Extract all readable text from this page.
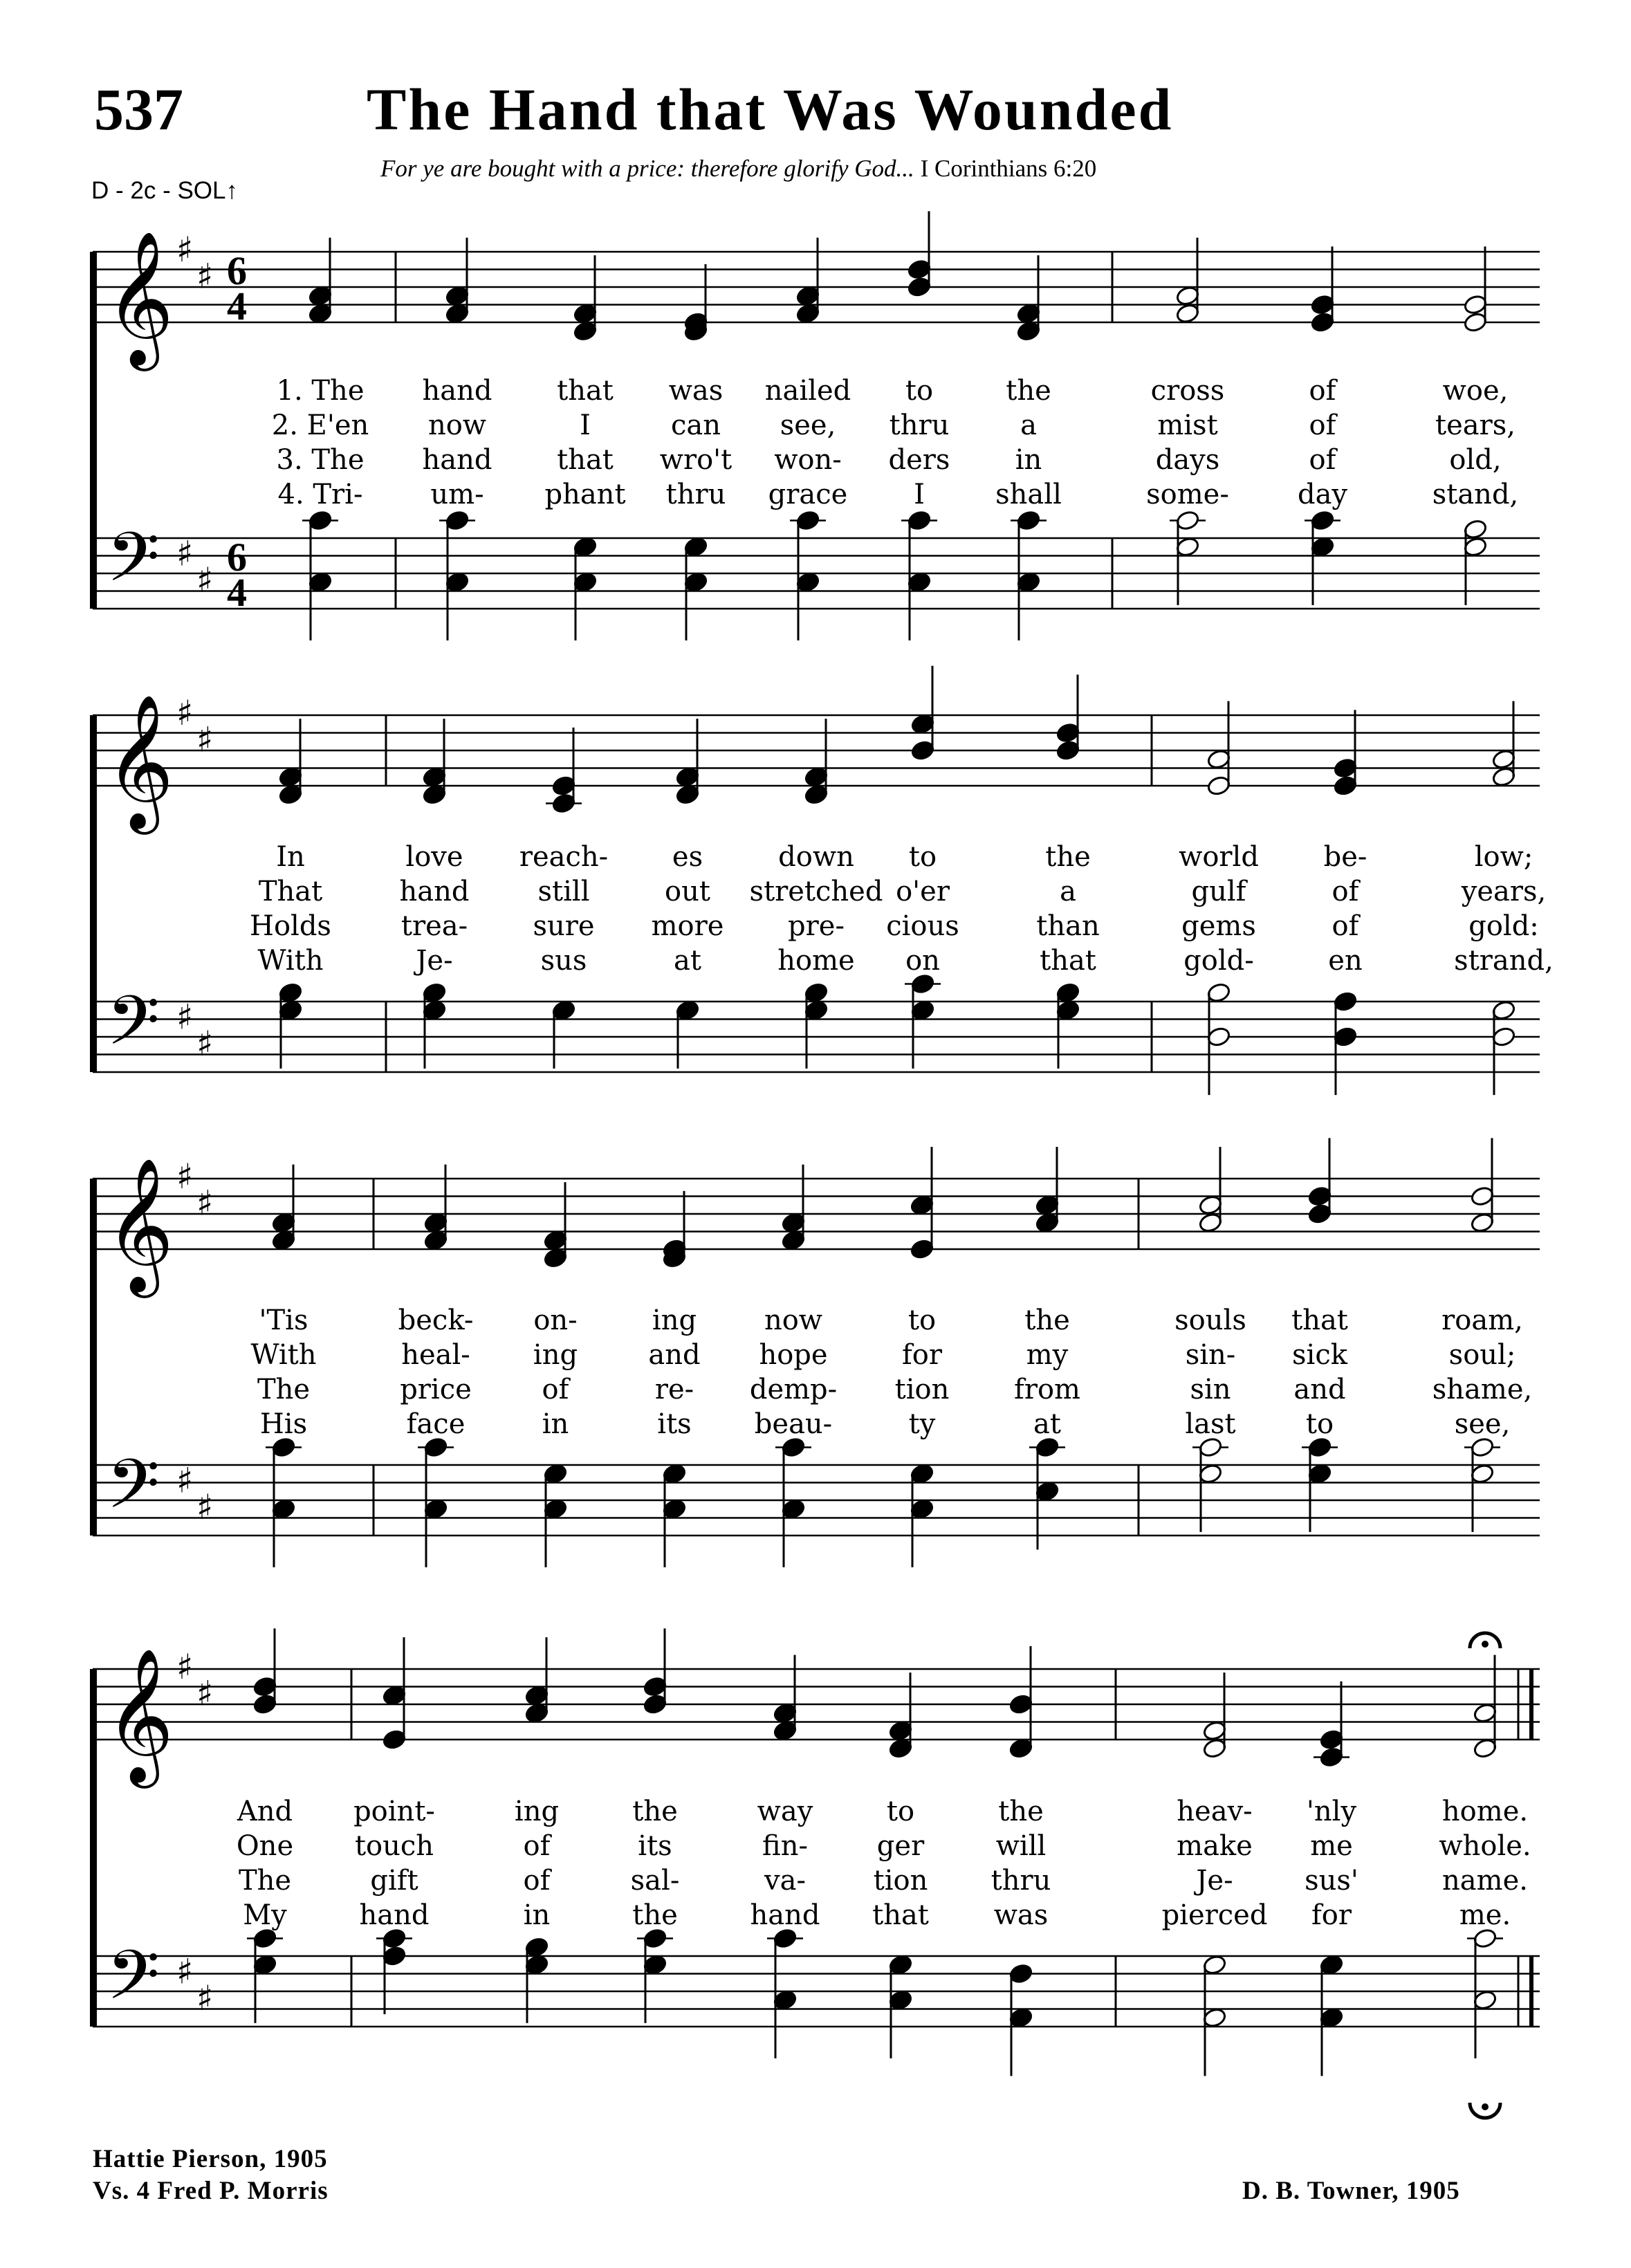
537	The Hand that Was Wounded
For ye are bought with a price: therefore glorify God... I Corinthians 6:20
D - 2c - SOL↑
𝄞
𝄢
♯
♯
♯
♯
6
4
6
4
𝄞
𝄢
♯
♯
♯
♯
𝄞
𝄢
♯
♯
♯
♯
𝄞
𝄢
♯
♯
♯
♯
1. The hand that was nailed to	the	cross	of	woe,
2. E'en now	I	can see, thru	a	mist	of	tears,
3. The hand that wro't won- ders in	days	of	old,
4. Tri- um- phant thru grace I	shall	some- day	stand,
In	love reach- es	down to	the	world be-	low;
That	hand still	out stretched o'er	a	gulf	of	years,
Holds	trea- sure more pre- cious	than	gems	of	gold:
With	Je-	sus	at	home on	that	gold-	en	strand,
'Tis	beck- on-	ing now	to	the	souls that	roam,
With	heal- ing	and hope	for	my	sin- sick	soul;
The	price	of	re- demp- tion from	sin and	shame,
His	face	in	its beau-	ty	at	last	to	see,
And point-	ing	the	way	to	the	heav- 'nly	home.
One touch	of	its	fin- ger	will	make me	whole.
The	gift	of	sal-	va- tion thru	Je-	sus'	name.
My	hand	in	the	hand that was	pierced for	me.
Hattie Pierson, 1905
Vs. 4 Fred P. Morris	D. B. Towner, 1905
